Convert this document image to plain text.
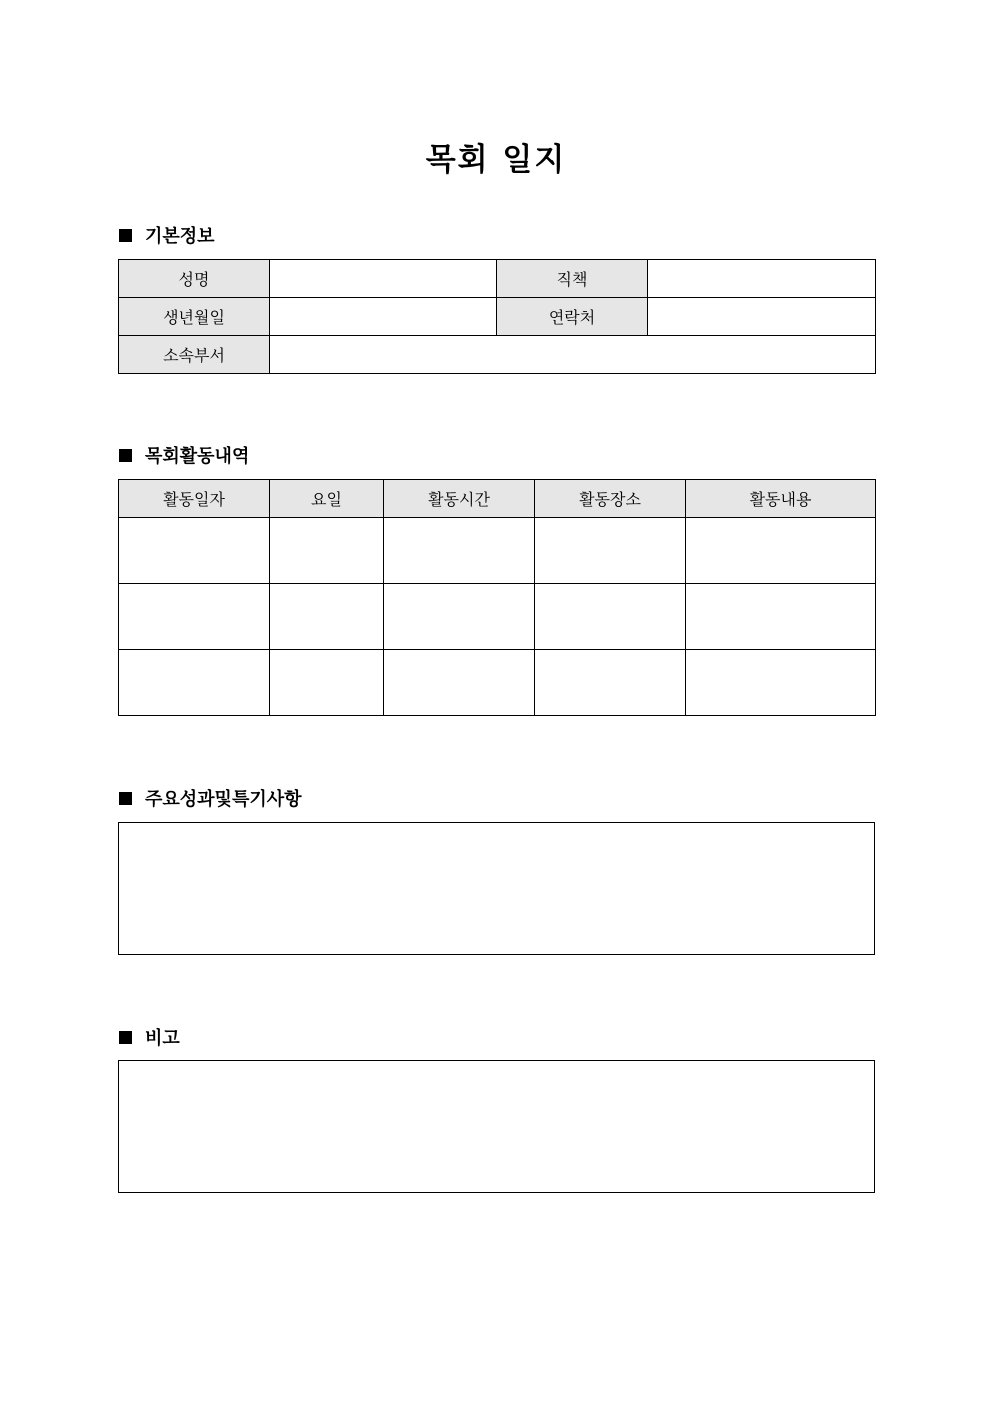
목회 일지
기본정보
성명		직책	
생년월일		연락처	
소속부서			
목회활동내역
활동일자	요일	활동시간	활동장소	활동내용

주요성과및특기사항
비고
